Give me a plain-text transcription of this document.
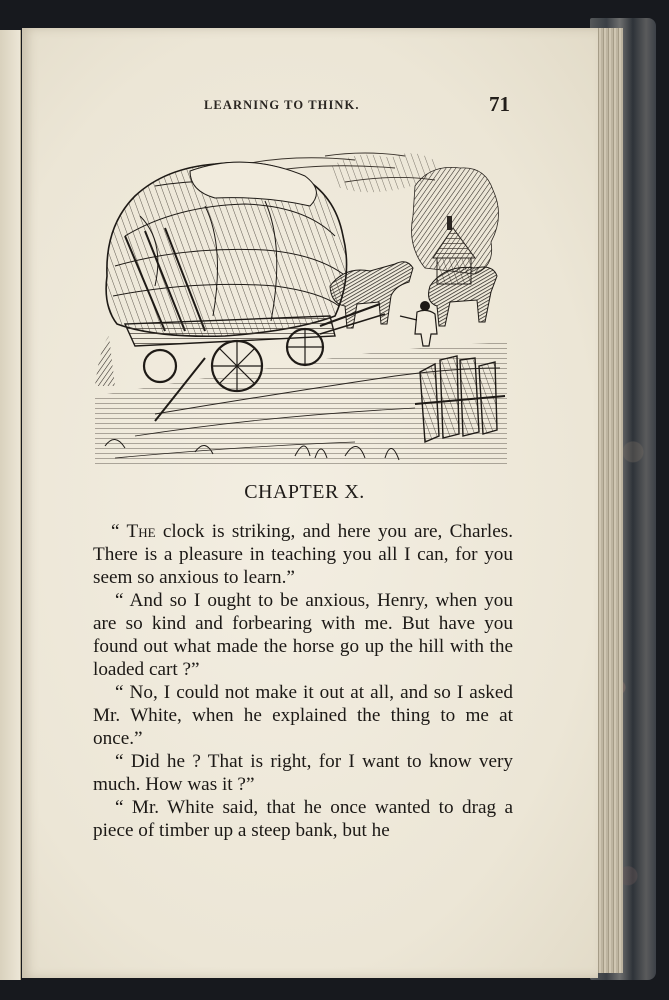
LEARNING TO THINK.	71
CHAPTER X.

“ The clock is striking, and here you are, Charles. There is a pleasure in teaching you all I can, for you seem so anxious to learn.”

“ And so I ought to be anxious, Henry, when you are so kind and forbearing with me. But have you found out what made the horse go up the hill with the loaded cart ?”

“ No, I could not make it out at all, and so I asked Mr. White, when he explained the thing to me at once.”

“ Did he ? That is right, for I want to know very much. How was it ?”

“ Mr. White said, that he once wanted to drag a piece of timber up a steep bank, but he
